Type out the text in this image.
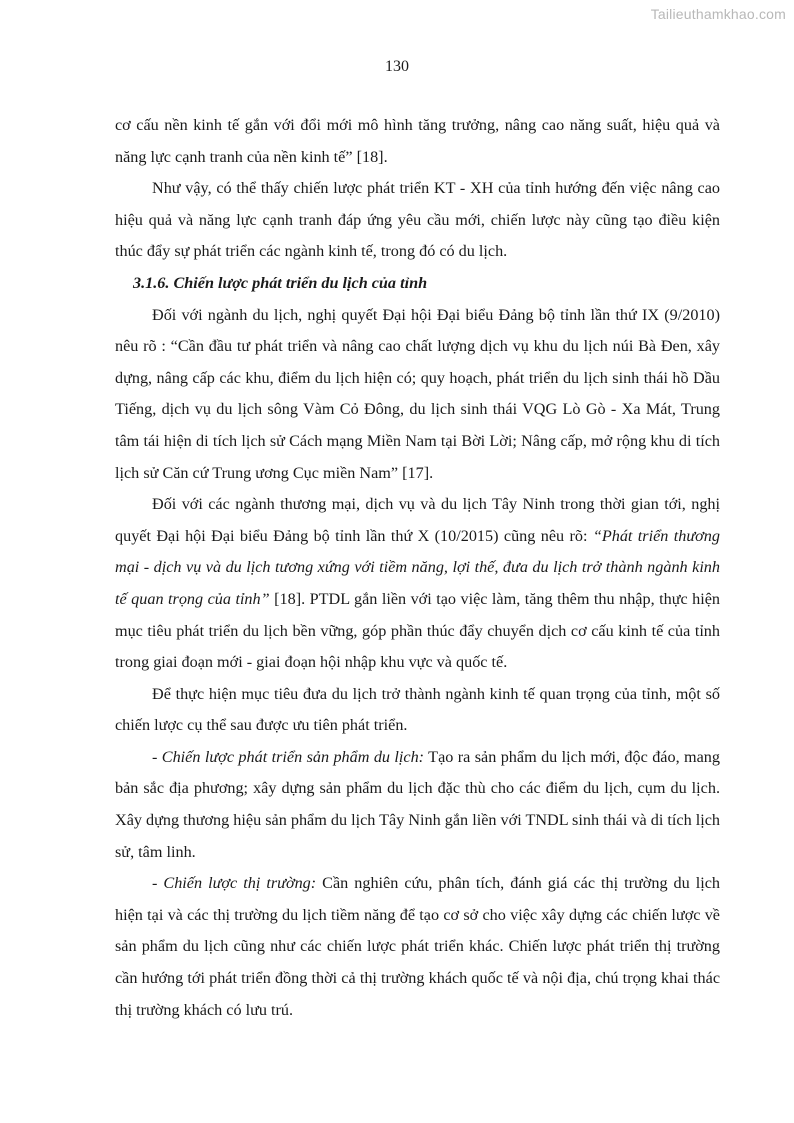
Tailieuthamkhao.com
130

cơ cấu nền kinh tế gắn với đổi mới mô hình tăng trưởng, nâng cao năng suất, hiệu quả và năng lực cạnh tranh của nền kinh tế” [18].

Như vậy, có thể thấy chiến lược phát triển KT - XH của tỉnh hướng đến việc nâng cao hiệu quả và năng lực cạnh tranh đáp ứng yêu cầu mới, chiến lược này cũng tạo điều kiện thúc đẩy sự phát triển các ngành kinh tế, trong đó có du lịch.

3.1.6. Chiến lược phát triển du lịch của tỉnh

Đối với ngành du lịch, nghị quyết Đại hội Đại biểu Đảng bộ tỉnh lần thứ IX (9/2010) nêu rõ : “Cần đầu tư phát triển và nâng cao chất lượng dịch vụ khu du lịch núi Bà Đen, xây dựng, nâng cấp các khu, điểm du lịch hiện có; quy hoạch, phát triển du lịch sinh thái hồ Dầu Tiếng, dịch vụ du lịch sông Vàm Cỏ Đông, du lịch sinh thái VQG Lò Gò - Xa Mát, Trung tâm tái hiện di tích lịch sử Cách mạng Miền Nam tại Bời Lời; Nâng cấp, mở rộng khu di tích lịch sử Căn cứ Trung ương Cục miền Nam” [17].

Đối với các ngành thương mại, dịch vụ và du lịch Tây Ninh trong thời gian tới, nghị quyết Đại hội Đại biểu Đảng bộ tỉnh lần thứ X (10/2015) cũng nêu rõ: “Phát triển thương mại - dịch vụ và du lịch tương xứng với tiềm năng, lợi thế, đưa du lịch trở thành ngành kinh tế quan trọng của tỉnh” [18]. PTDL gắn liền với tạo việc làm, tăng thêm thu nhập, thực hiện mục tiêu phát triển du lịch bền vững, góp phần thúc đẩy chuyển dịch cơ cấu kinh tế của tỉnh trong giai đoạn mới - giai đoạn hội nhập khu vực và quốc tế.

Để thực hiện mục tiêu đưa du lịch trở thành ngành kinh tế quan trọng của tỉnh, một số chiến lược cụ thể sau được ưu tiên phát triển.

- Chiến lược phát triển sản phẩm du lịch: Tạo ra sản phẩm du lịch mới, độc đáo, mang bản sắc địa phương; xây dựng sản phẩm du lịch đặc thù cho các điểm du lịch, cụm du lịch. Xây dựng thương hiệu sản phẩm du lịch Tây Ninh gắn liền với TNDL sinh thái và di tích lịch sử, tâm linh.

- Chiến lược thị trường: Cần nghiên cứu, phân tích, đánh giá các thị trường du lịch hiện tại và các thị trường du lịch tiềm năng để tạo cơ sở cho việc xây dựng các chiến lược về sản phẩm du lịch cũng như các chiến lược phát triển khác. Chiến lược phát triển thị trường cần hướng tới phát triển đồng thời cả thị trường khách quốc tế và nội địa, chú trọng khai thác thị trường khách có lưu trú.
